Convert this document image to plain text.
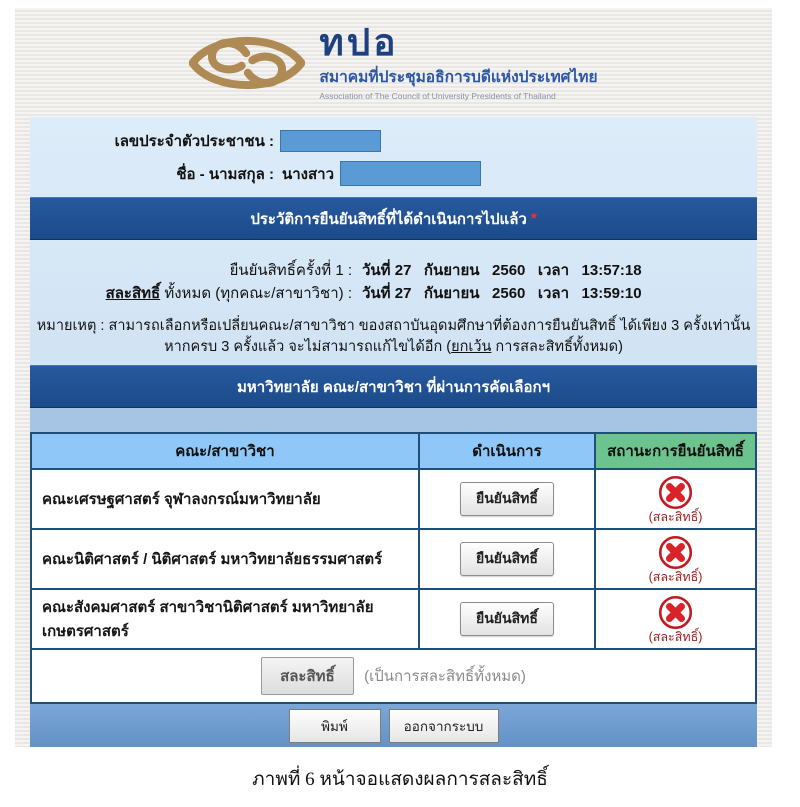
ทปอ
สมาคมที่ประชุมอธิการบดีแห่งประเทศไทย
Association of The Council of University Presidents of Thailand
เลขประจำตัวประชาชน :
ชื่อ - นามสกุล : นางสาว
ประวัติการยืนยันสิทธิ์ที่ได้ดำเนินการไปแล้ว *
ยืนยันสิทธิ์ครั้งที่ 1 : วันที่ 27   กันยายน   2560   เวลา   13:57:18
สละสิทธิ์ ทั้งหมด (ทุกคณะ/สาขาวิชา) : วันที่ 27   กันยายน   2560   เวลา   13:59:10
หมายเหตุ : สามารถเลือกหรือเปลี่ยนคณะ/สาขาวิชา ของสถาบันอุดมศึกษาที่ต้องการยืนยันสิทธิ์ ได้เพียง 3 ครั้งเท่านั้น
หากครบ 3 ครั้งแล้ว จะไม่สามารถแก้ไขได้อีก (ยกเว้น การสละสิทธิ์ทั้งหมด)
มหาวิทยาลัย คณะ/สาขาวิชา ที่ผ่านการคัดเลือกฯ
คณะ/สาขาวิชา	ดำเนินการ	สถานะการยืนยันสิทธิ์
คณะเศรษฐศาสตร์ จุฬาลงกรณ์มหาวิทยาลัย	ยืนยันสิทธิ์	(สละสิทธิ์)

คณะนิติศาสตร์ / นิติศาสตร์ มหาวิทยาลัยธรรมศาสตร์	ยืนยันสิทธิ์	(สละสิทธิ์)

คณะสังคมศาสตร์ สาขาวิชานิติศาสตร์ มหาวิทยาลัยเกษตรศาสตร์	ยืนยันสิทธิ์	(สละสิทธิ์)

สละสิทธิ์ (เป็นการสละสิทธิ์ทั้งหมด)		
พิมพ์	ออกจากระบบ
ภาพที่ 6 หน้าจอแสดงผลการสละสิทธิ์
